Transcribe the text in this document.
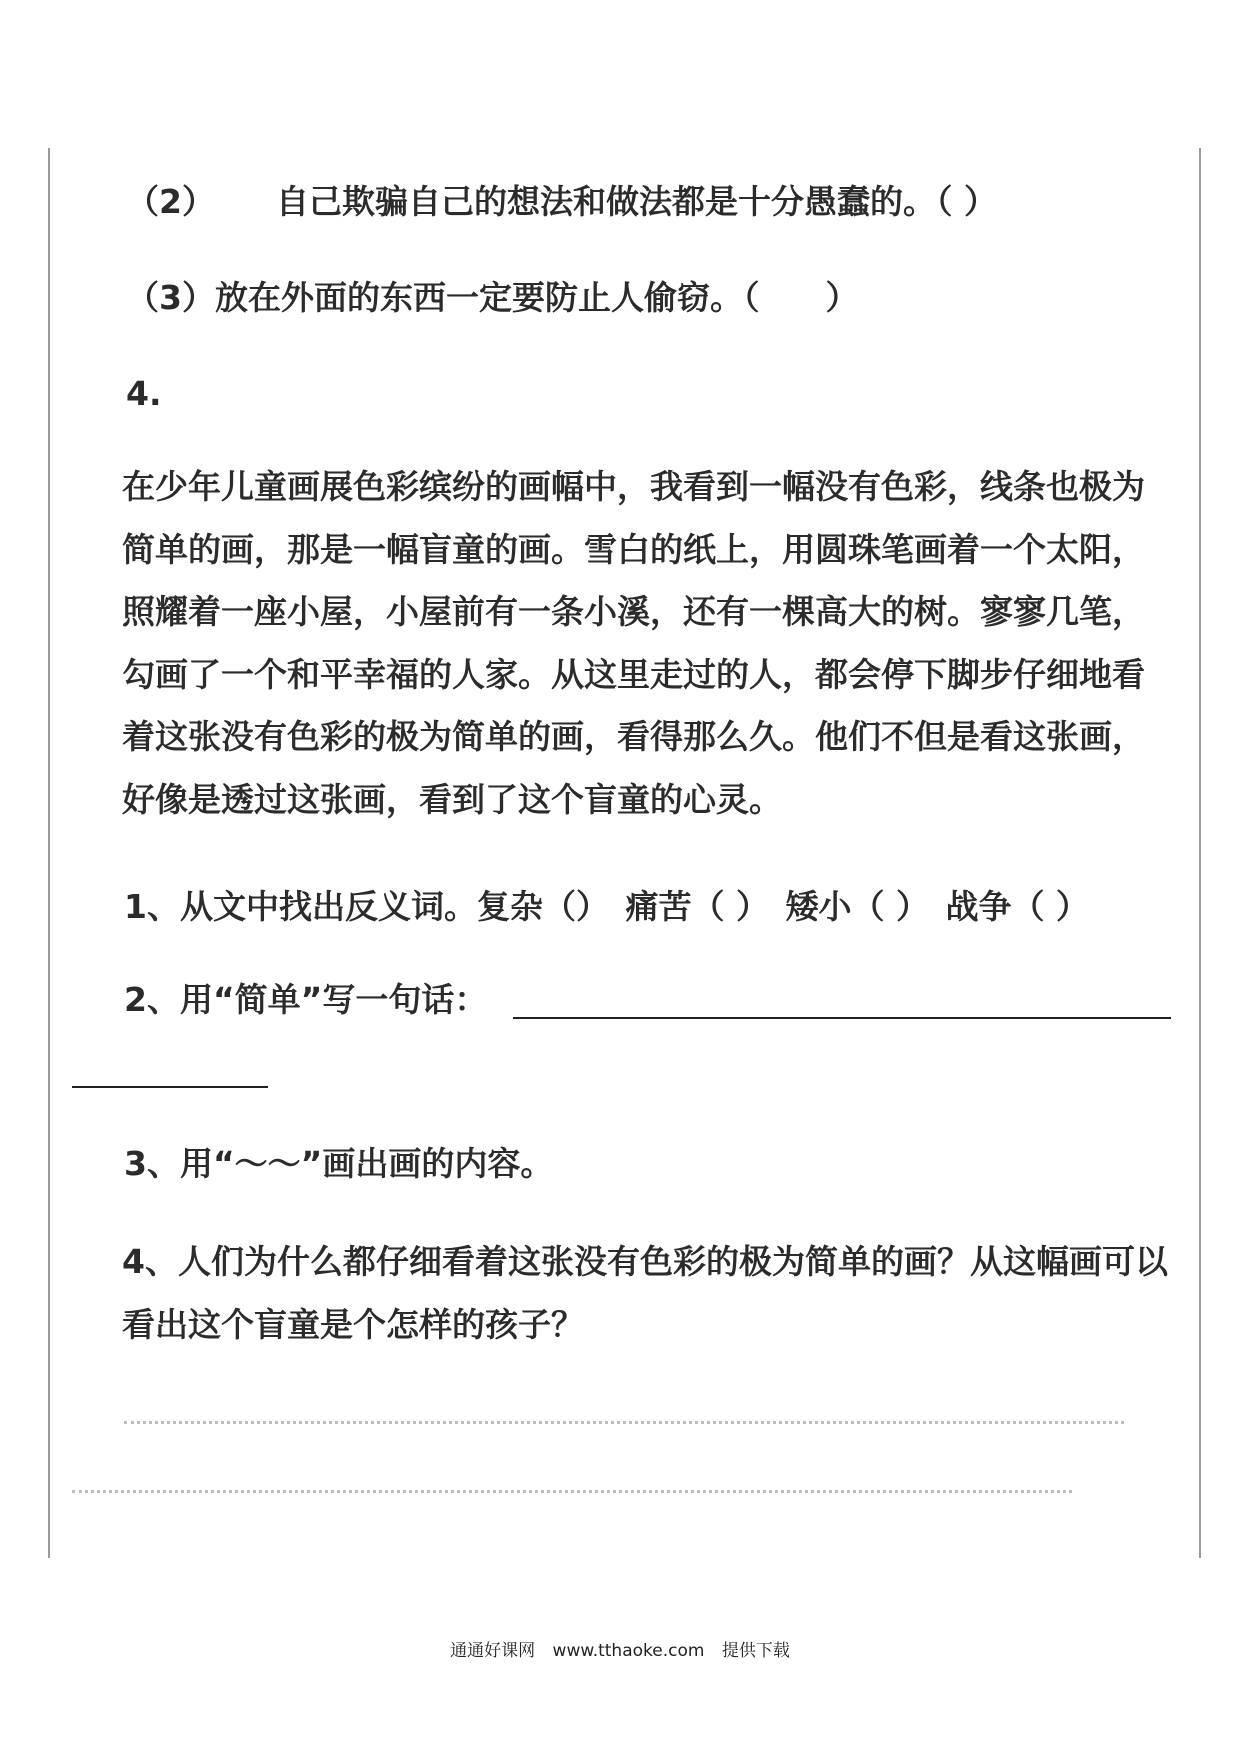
（2）　　 自己欺骗自己的想法和做法都是十分愚蠢的。（ ）
（3）放在外面的东西一定要防止人偷窃。（　　）
4.

在少年儿童画展色彩缤纷的画幅中，我看到一幅没有色彩，线条也极为简单的画，那是一幅盲童的画。雪白的纸上，用圆珠笔画着一个太阳，照耀着一座小屋，小屋前有一条小溪，还有一棵高大的树。寥寥几笔，勾画了一个和平幸福的人家。从这里走过的人，都会停下脚步仔细地看着这张没有色彩的极为简单的画，看得那么久。他们不但是看这张画，好像是透过这张画，看到了这个盲童的心灵。

1、从文中找出反义词。复杂（）　痛苦（ ）　矮小（ ）　战争（ ）
2、用“简单”写一句话：
3、用“～～”画出画的内容。

4、人们为什么都仔细看着这张没有色彩的极为简单的画？从这幅画可以看出这个盲童是个怎样的孩子？

通通好课网 www.tthaoke.com 提供下载
